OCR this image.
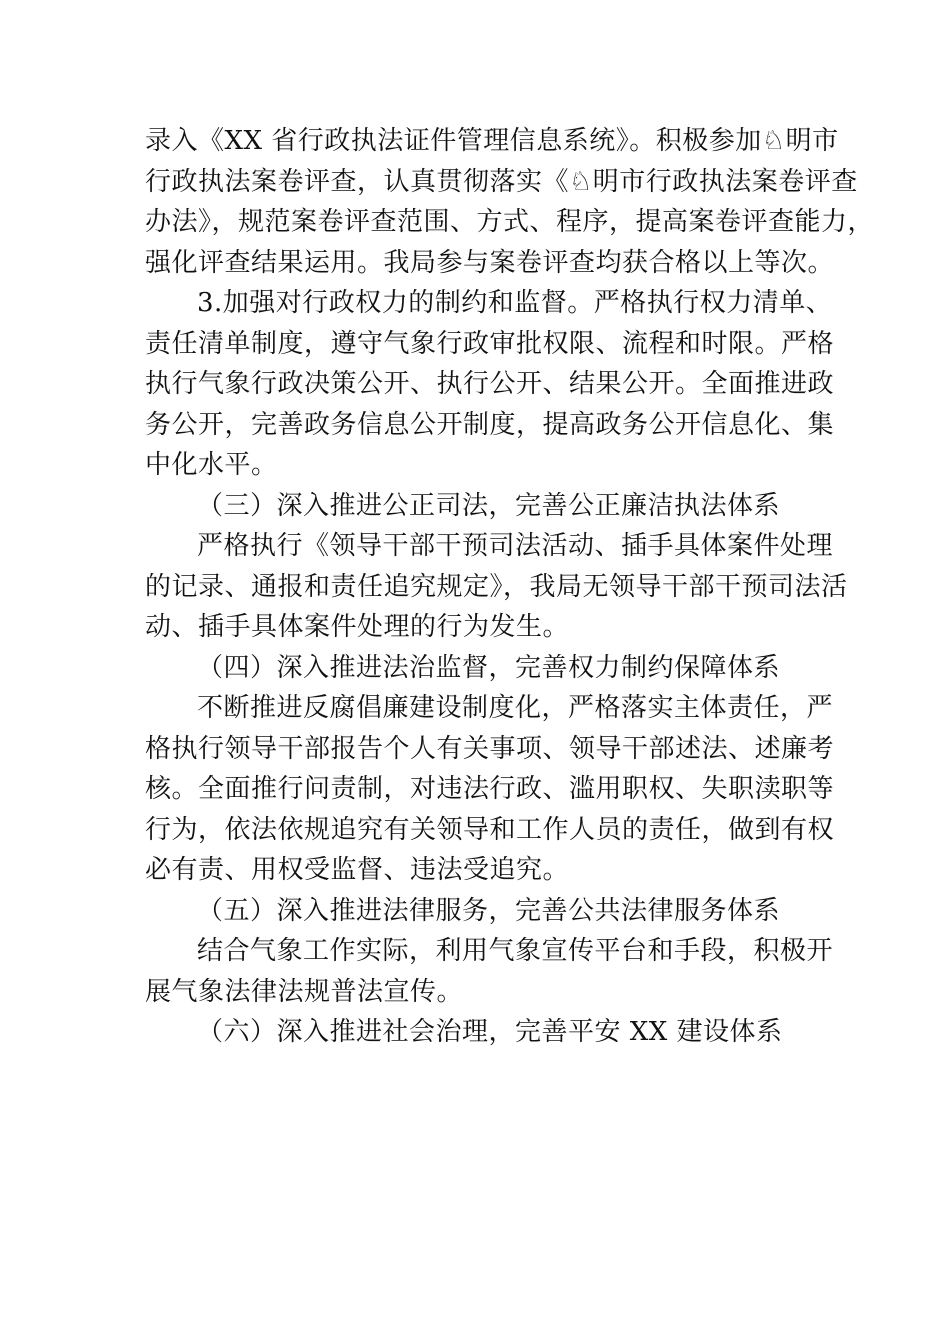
录入《XX 省行政执法证件管理信息系统》。积极参加♘明市
行政执法案卷评查，认真贯彻落实《♘明市行政执法案卷评查
办法》，规范案卷评查范围、方式、程序，提高案卷评查能力，
强化评查结果运用。我局参与案卷评查均获合格以上等次。
3.加强对行政权力的制约和监督。严格执行权力清单、
责任清单制度，遵守气象行政审批权限、流程和时限。严格
执行气象行政决策公开、执行公开、结果公开。全面推进政
务公开，完善政务信息公开制度，提高政务公开信息化、集
中化水平。
（三）深入推进公正司法，完善公正廉洁执法体系
严格执行《领导干部干预司法活动、插手具体案件处理
的记录、通报和责任追究规定》，我局无领导干部干预司法活
动、插手具体案件处理的行为发生。
（四）深入推进法治监督，完善权力制约保障体系
不断推进反腐倡廉建设制度化，严格落实主体责任，严
格执行领导干部报告个人有关事项、领导干部述法、述廉考
核。全面推行问责制，对违法行政、滥用职权、失职渎职等
行为，依法依规追究有关领导和工作人员的责任，做到有权
必有责、用权受监督、违法受追究。
（五）深入推进法律服务，完善公共法律服务体系
结合气象工作实际，利用气象宣传平台和手段，积极开
展气象法律法规普法宣传。
（六）深入推进社会治理，完善平安 XX 建设体系
